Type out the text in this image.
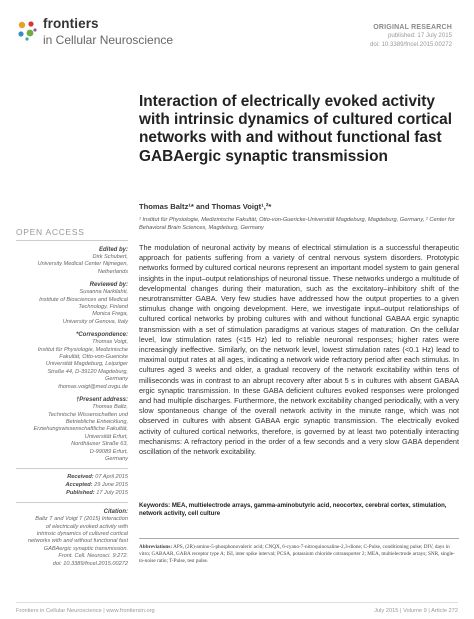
frontiers
in Cellular Neuroscience
ORIGINAL RESEARCH
published: 17 July 2015
doi: 10.3389/fncel.2015.00272
Interaction of electrically evoked activity with intrinsic dynamics of cultured cortical networks with and without functional fast GABAergic synaptic transmission
Thomas Baltz¹* and Thomas Voigt¹,²*
¹ Institut für Physiologie, Medizinische Fakultät, Otto-von-Guericke-Universität Magdeburg, Magdeburg, Germany, ² Center for Behavioral Brain Sciences, Magdeburg, Germany
OPEN ACCESS
Edited by:
Dirk Schubert,
University Medical Center Nijmegen,
Netherlands
Reviewed by:
Susanna Narkilahti,
Institute of Biosciences and Medical
Technology, Finland
Monica Frega,
University of Genova, Italy
*Correspondence:
Thomas Voigt,
Institut für Physiologie, Medizinische
Fakultät, Otto-von-Guericke
Universität Magdeburg, Leipziger
Straße 44, D-39120 Magdeburg,
Germany
thomas.voigt@med.ovgu.de
†Present address:
Thomas Baltz,
Technische Wissenschaften und
Betriebliche Entwicklung,
Erziehungswissenschaftliche Fakultät,
Universität Erfurt,
Nordhäuser Straße 63,
D-99089 Erfurt,
Germany
Received: 07 April 2015
Accepted: 29 June 2015
Published: 17 July 2015
Citation:
Baltz T and Voigt T (2015) Interaction
of electrically evoked activity with
intrinsic dynamics of cultured cortical
networks with and without functional fast
GABAergic synaptic transmission.
Front. Cell. Neurosci. 9:272.
doi: 10.3389/fncel.2015.00272

The modulation of neuronal activity by means of electrical stimulation is a successful therapeutic approach for patients suffering from a variety of central nervous system disorders. Prototypic networks formed by cultured cortical neurons represent an important model system to gain general insights in the input–output relationships of neuronal tissue. These networks undergo a multitude of developmental changes during their maturation, such as the excitatory–inhibitory shift of the neurotransmitter GABA. Very few studies have addressed how the output properties to a given stimulus change with ongoing development. Here, we investigate input–output relationships of cultured cortical networks by probing cultures with and without functional GABAA ergic synaptic transmission with a set of stimulation paradigms at various stages of maturation. On the cellular level, low stimulation rates (<15 Hz) led to reliable neuronal responses; higher rates were increasingly ineffective. Similarly, on the network level, lowest stimulation rates (<0.1 Hz) lead to maximal output rates at all ages, indicating a network wide refractory period after each stimulus. In cultures aged 3 weeks and older, a gradual recovery of the network excitability within tens of milliseconds was in contrast to an abrupt recovery after about 5 s in cultures with absent GABAA ergic synaptic transmission. In these GABA deficient cultures evoked responses were prolonged and had multiple discharges. Furthermore, the network excitability changed periodically, with a very slow spontaneous change of the overall network activity in the minute range, which was not observed in cultures with absent GABAA ergic synaptic transmission. The electrically evoked activity of cultured cortical networks, therefore, is governed by at least two potentially interacting mechanisms: A refractory period in the order of a few seconds and a very slow GABA dependent oscillation of the network excitability.

Keywords: MEA, multielectrode arrays, gamma-aminobutyric acid, neocortex, cerebral cortex, stimulation, network activity, cell culture
Abbreviations: APS, (2R)-amino-5-phosphonovaleric acid; CNQX, 6-cyano-7-nitroquinoxaline-2,3-dione; C-Pulse, conditioning pulse; DIV, days in vitro; GABAAR, GABA receptor type A; ISI, inter spike interval; PCSA, potassium chloride cotransporter 2; MEA, multielectrode arrays; SNR, single-to-noise ratio; T-Pulse, test pulse.
Frontiers in Cellular Neuroscience | www.frontiersin.org	July 2015 | Volume 9 | Article 272
